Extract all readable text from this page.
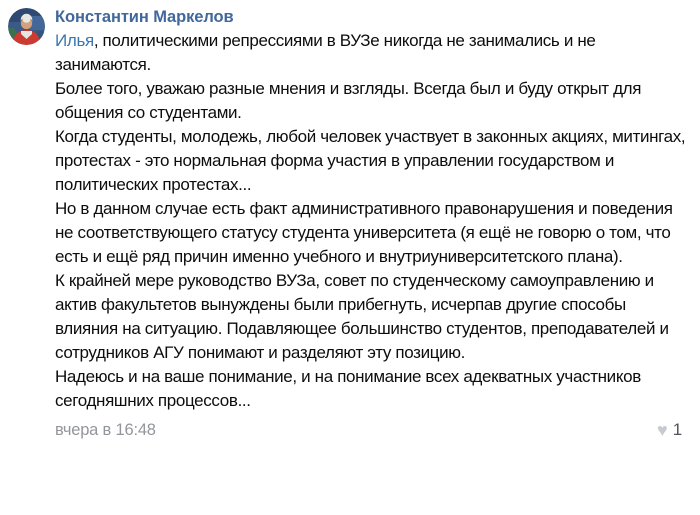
Константин Маркелов

Илья, политическими репрессиями в ВУЗе никогда не занимались и не занимаются.

Более того, уважаю разные мнения и взгляды. Всегда был и буду открыт для общения со студентами.

Когда студенты, молодежь, любой человек участвует в законных акциях, митингах, протестах - это нормальная форма участия в управлении государством и политических протестах...

Но в данном случае есть факт административного правонарушения и поведения не соответствующего статусу студента университета (я ещё не говорю о том, что есть и ещё ряд причин именно учебного и внутриуниверситетского плана).

К крайней мере руководство ВУЗа, совет по студенческому самоуправлению и актив факультетов вынуждены были прибегнуть, исчерпав другие способы влияния на ситуацию. Подавляющее большинство студентов, преподавателей и сотрудников АГУ понимают и разделяют эту позицию.

Надеюсь и на ваше понимание, и на понимание всех адекватных участников сегодняшних процессов...

вчера в 16:48	♥ 1
